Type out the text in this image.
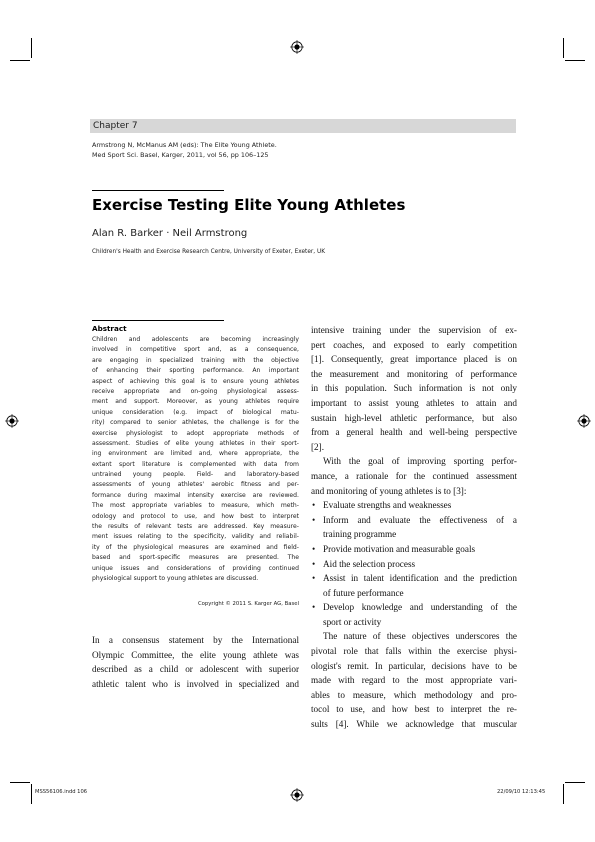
Chapter 7
Armstrong N, McManus AM (eds): The Elite Young Athlete.
Med Sport Sci. Basel, Karger, 2011, vol 56, pp 106–125
Exercise Testing Elite Young Athletes
Alan R. Barker · Neil Armstrong
Children's Health and Exercise Research Centre, University of Exeter, Exeter, UK
Abstract
Children and adolescents are becoming increasingly
involved in competitive sport and, as a consequence,
are engaging in specialized training with the objective
of enhancing their sporting performance. An important
aspect of achieving this goal is to ensure young athletes
receive appropriate and on-going physiological assess-
ment and support. Moreover, as young athletes require
unique consideration (e.g. impact of biological matu-
rity) compared to senior athletes, the challenge is for the
exercise physiologist to adopt appropriate methods of
assessment. Studies of elite young athletes in their sport-
ing environment are limited and, where appropriate, the
extant sport literature is complemented with data from
untrained young people. Field- and laboratory-based
assessments of young athletes' aerobic fitness and per-
formance during maximal intensity exercise are reviewed.
The most appropriate variables to measure, which meth-
odology and protocol to use, and how best to interpret
the results of relevant tests are addressed. Key measure-
ment issues relating to the specificity, validity and reliabil-
ity of the physiological measures are examined and field-
based and sport-specific measures are presented. The
unique issues and considerations of providing continued
physiological support to young athletes are discussed.
Copyright © 2011 S. Karger AG, Basel
In a consensus statement by the International
Olympic Committee, the elite young athlete was
described as a child or adolescent with superior
athletic talent who is involved in specialized and
intensive training under the supervision of ex-
pert coaches, and exposed to early competition
[1]. Consequently, great importance placed is on
the measurement and monitoring of performance
in this population. Such information is not only
important to assist young athletes to attain and
sustain high-level athletic performance, but also
from a general health and well-being perspective
[2].
With the goal of improving sporting perfor-
mance, a rationale for the continued assessment
and monitoring of young athletes is to [3]:
• Evaluate strengths and weaknesses
• Inform and evaluate the effectiveness of a
training programme
• Provide motivation and measurable goals
• Aid the selection process
• Assist in talent identification and the prediction
of future performance
• Develop knowledge and understanding of the
sport or activity
The nature of these objectives underscores the
pivotal role that falls within the exercise physi-
ologist's remit. In particular, decisions have to be
made with regard to the most appropriate vari-
ables to measure, which methodology and pro-
tocol to use, and how best to interpret the re-
sults [4]. While we acknowledge that muscular
MSS56106.indd 106	22/09/10 12:13:45
